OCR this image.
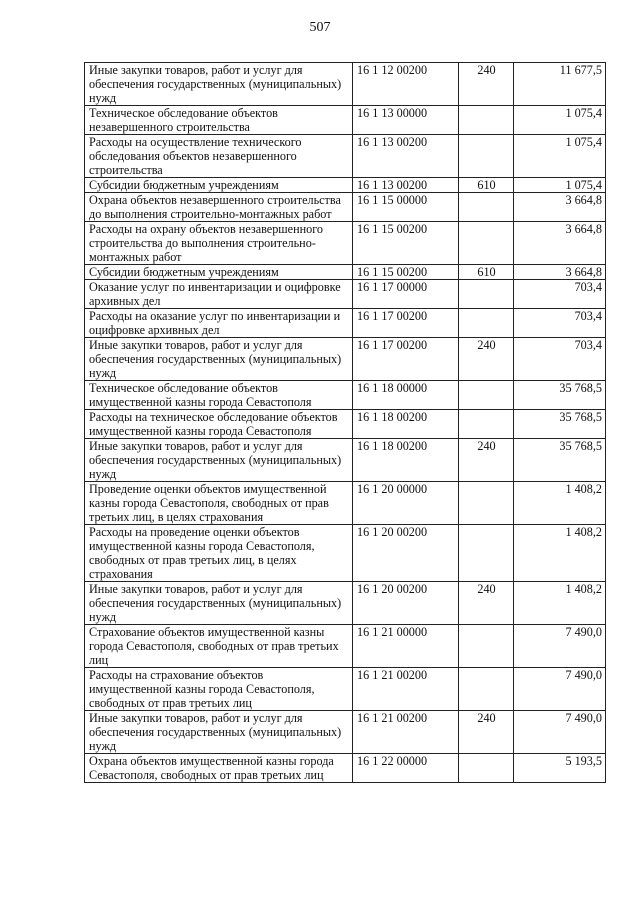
507
Иные закупки товаров, работ и услуг для обеспечения государственных (муниципальных) нужд	16 1 12 00200	240	11 677,5
Техническое обследование объектов незавершенного строительства	16 1 13 00000		1 075,4
Расходы на осуществление технического обследования объектов незавершенного строительства	16 1 13 00200		1 075,4
Субсидии бюджетным учреждениям	16 1 13 00200	610	1 075,4
Охрана объектов незавершенного строительства до выполнения строительно-монтажных работ	16 1 15 00000		3 664,8
Расходы на охрану объектов незавершенного строительства до выполнения строительно-монтажных работ	16 1 15 00200		3 664,8
Субсидии бюджетным учреждениям	16 1 15 00200	610	3 664,8
Оказание услуг по инвентаризации и оцифровке архивных дел	16 1 17 00000		703,4
Расходы на оказание услуг по инвентаризации и оцифровке архивных дел	16 1 17 00200		703,4
Иные закупки товаров, работ и услуг для обеспечения государственных (муниципальных) нужд	16 1 17 00200	240	703,4
Техническое обследование объектов имущественной казны города Севастополя	16 1 18 00000		35 768,5
Расходы на техническое обследование объектов имущественной казны города Севастополя	16 1 18 00200		35 768,5
Иные закупки товаров, работ и услуг для обеспечения государственных (муниципальных) нужд	16 1 18 00200	240	35 768,5
Проведение оценки объектов имущественной казны города Севастополя, свободных от прав третьих лиц, в целях страхования	16 1 20 00000		1 408,2
Расходы на проведение оценки объектов имущественной казны города Севастополя, свободных от прав третьих лиц, в целях страхования	16 1 20 00200		1 408,2
Иные закупки товаров, работ и услуг для обеспечения государственных (муниципальных) нужд	16 1 20 00200	240	1 408,2
Страхование объектов имущественной казны города Севастополя, свободных от прав третьих лиц	16 1 21 00000		7 490,0
Расходы на страхование объектов имущественной казны города Севастополя, свободных от прав третьих лиц	16 1 21 00200		7 490,0
Иные закупки товаров, работ и услуг для обеспечения государственных (муниципальных) нужд	16 1 21 00200	240	7 490,0
Охрана объектов имущественной казны города Севастополя, свободных от прав третьих лиц	16 1 22 00000		5 193,5
